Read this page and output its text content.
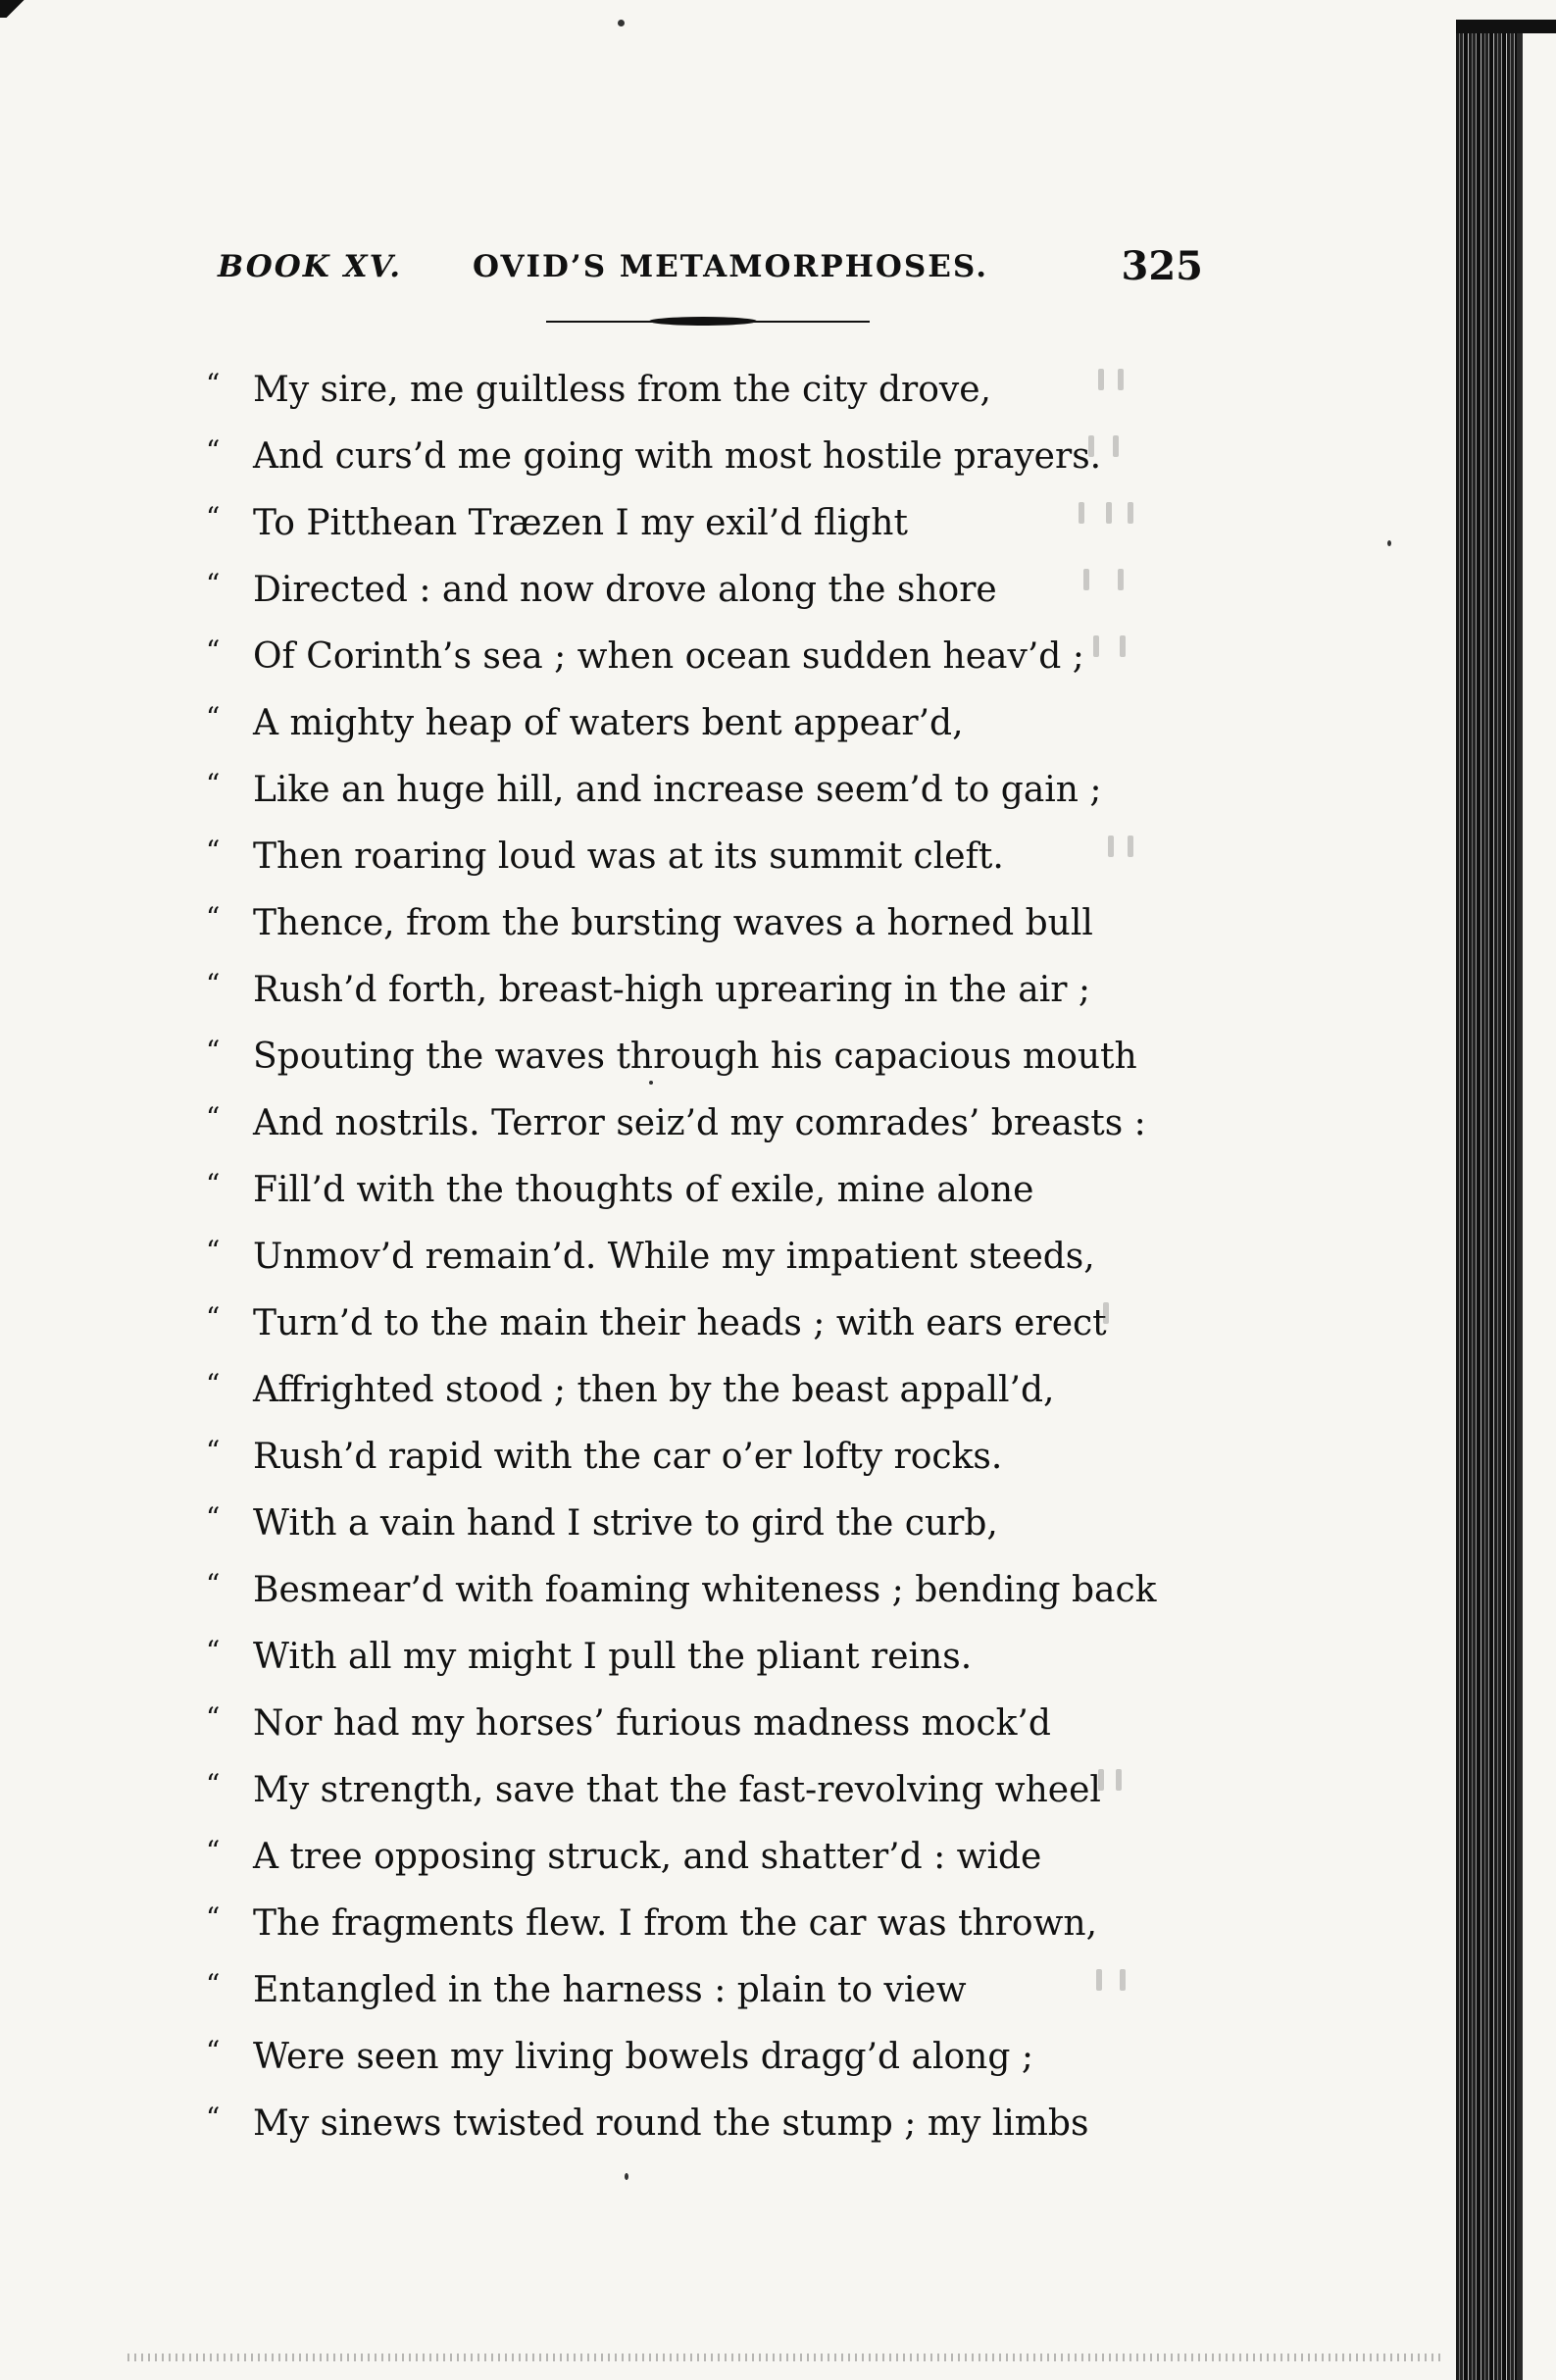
BOOK XV. OVID’S METAMORPHOSES.	325
“ My sire, me guiltless from the city drove,
“ And curs’d me going with most hostile prayers.
“ To Pitthean Træzen I my exil’d flight
“ Directed : and now drove along the shore
“ Of Corinth’s sea ; when ocean sudden heav’d ;
“ A mighty heap of waters bent appear’d,
“ Like an huge hill, and increase seem’d to gain ;
“ Then roaring loud was at its summit cleft.
“ Thence, from the bursting waves a horned bull
“ Rush’d forth, breast-high uprearing in the air ;
“ Spouting the waves through his capacious mouth
“ And nostrils. Terror seiz’d my comrades’ breasts :
“ Fill’d with the thoughts of exile, mine alone
“ Unmov’d remain’d. While my impatient steeds,
“ Turn’d to the main their heads ; with ears erect
“ Affrighted stood ; then by the beast appall’d,
“ Rush’d rapid with the car o’er lofty rocks.
“ With a vain hand I strive to gird the curb,
“ Besmear’d with foaming whiteness ; bending back
“ With all my might I pull the pliant reins.
“ Nor had my horses’ furious madness mock’d
“ My strength, save that the fast-revolving wheel
“ A tree opposing struck, and shatter’d : wide
“ The fragments flew. I from the car was thrown,
“ Entangled in the harness : plain to view
“ Were seen my living bowels dragg’d along ;
“ My sinews twisted round the stump ; my limbs
